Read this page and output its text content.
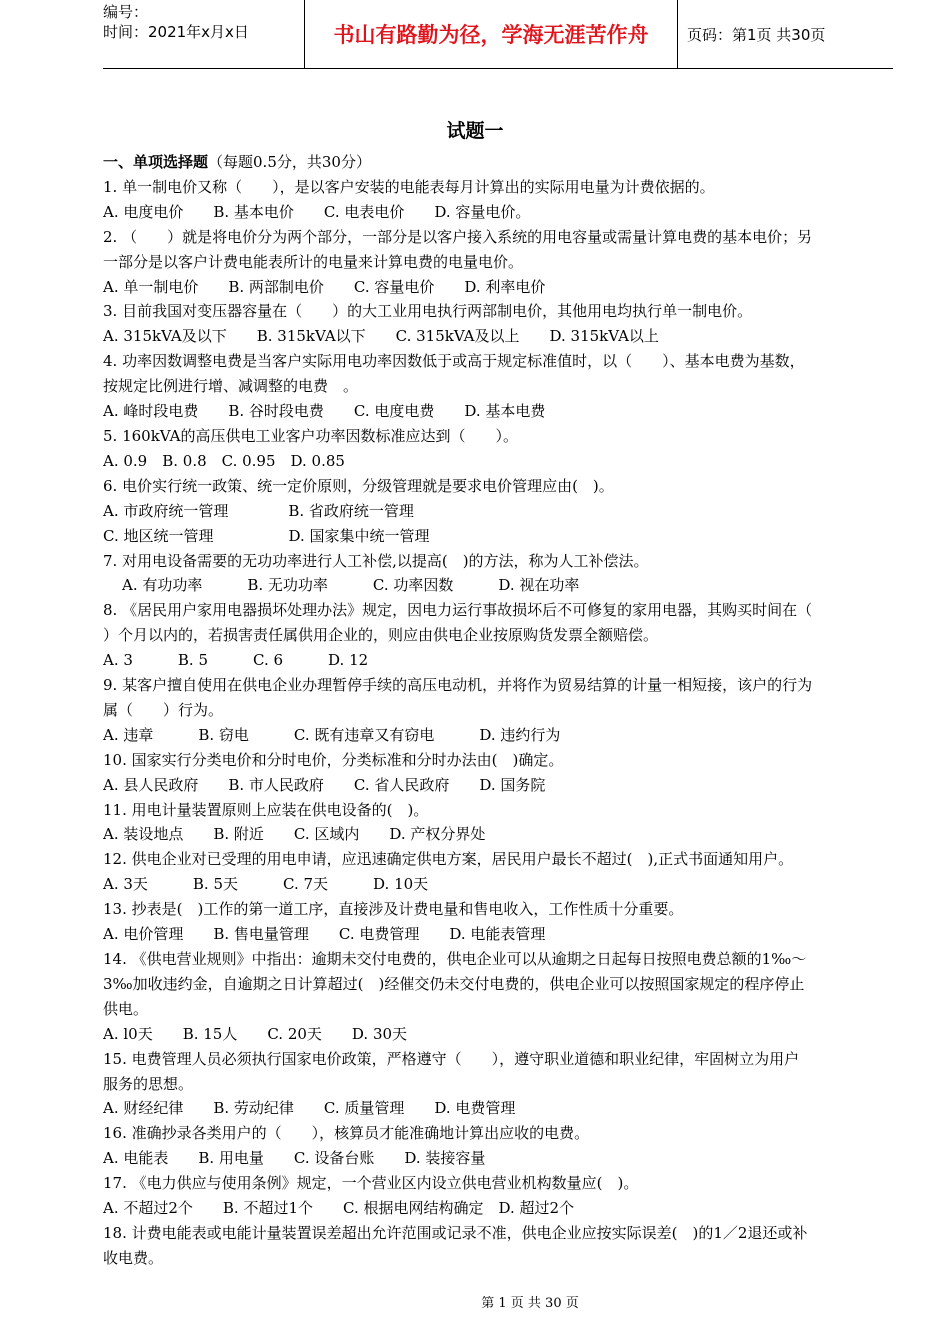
编号：
时间：2021年x月x日	书山有路勤为径，学海无涯苦作舟	页码：第1页 共30页
试题一

一、单项选择题（每题0.5分，共30分）

1. 单一制电价又称（　　），是以客户安装的电能表每月计算出的实际用电量为计费依据的。

A. 电度电价　　B. 基本电价　　C. 电表电价　　D. 容量电价。

2. （　　）就是将电价分为两个部分，一部分是以客户接入系统的用电容量或需量计算电费的基本电价；另

一部分是以客户计费电能表所计的电量来计算电费的电量电价。

A. 单一制电价　　B. 两部制电价　　C. 容量电价　　D. 利率电价

3. 目前我国对变压器容量在（　　）的大工业用电执行两部制电价，其他用电均执行单一制电价。

A. 315kVA及以下　　B. 315kVA以下　　C. 315kVA及以上　　D. 315kVA以上

4. 功率因数调整电费是当客户实际用电功率因数低于或高于规定标准值时，以（　　）、基本电费为基数，

按规定比例进行增、减调整的电费　。

A. 峰时段电费　　B. 谷时段电费　　C. 电度电费　　D. 基本电费

5. 160kVA的高压供电工业客户功率因数标准应达到（　　）。

A. 0.9　B. 0.8　C. 0.95　D. 0.85

6. 电价实行统一政策、统一定价原则，分级管理就是要求电价管理应由(　)。

A. 市政府统一管理　　　　B. 省政府统一管理

C. 地区统一管理　　　　　D. 国家集中统一管理

7. 对用电设备需要的无功功率进行人工补偿,以提高(　)的方法，称为人工补偿法。

A. 有功功率　　　B. 无功功率　　　C. 功率因数　　　D. 视在功率

8. 《居民用户家用电器损坏处理办法》规定，因电力运行事故损坏后不可修复的家用电器，其购买时间在（

）个月以内的，若损害责任属供用企业的，则应由供电企业按原购货发票全额赔偿。

A. 3　　　B. 5　　　C. 6　　　D. 12

9. 某客户擅自使用在供电企业办理暂停手续的高压电动机，并将作为贸易结算的计量一相短接，该户的行为

属（　　）行为。

A. 违章　　　B. 窃电　　　C. 既有违章又有窃电　　　D. 违约行为

10. 国家实行分类电价和分时电价，分类标准和分时办法由(　)确定。

A. 县人民政府　　B. 市人民政府　　C. 省人民政府　　D. 国务院

11. 用电计量装置原则上应装在供电设备的(　)。

A. 装设地点　　B. 附近　　C. 区域内　　D. 产权分界处

12. 供电企业对已受理的用电申请，应迅速确定供电方案，居民用户最长不超过(　),正式书面通知用户。

A. 3天　　　B. 5天　　　C. 7天　　　D. 10天

13. 抄表是(　)工作的第一道工序，直接涉及计费电量和售电收入，工作性质十分重要。

A. 电价管理　　B. 售电量管理　　C. 电费管理　　D. 电能表管理

14. 《供电营业规则》中指出：逾期未交付电费的，供电企业可以从逾期之日起每日按照电费总额的1‰～

3‰加收违约金，自逾期之日计算超过(　)经催交仍未交付电费的，供电企业可以按照国家规定的程序停止

供电。

A. l0天　　B. 15人　　C. 20天　　D. 30天

15. 电费管理人员必须执行国家电价政策，严格遵守（　　），遵守职业道德和职业纪律，牢固树立为用户

服务的思想。

A. 财经纪律　　B. 劳动纪律　　C. 质量管理　　D. 电费管理

16. 准确抄录各类用户的（　　），核算员才能准确地计算出应收的电费。

A. 电能表　　B. 用电量　　C. 设备台账　　D. 装接容量

17. 《电力供应与使用条例》规定，一个营业区内设立供电营业机构数量应(　)。

A. 不超过2个　　B. 不超过1个　　C. 根据电网结构确定　D. 超过2个

18. 计费电能表或电能计量装置误差超出允许范围或记录不准，供电企业应按实际误差(　)的1／2退还或补

收电费。

第 1 页 共 30 页
